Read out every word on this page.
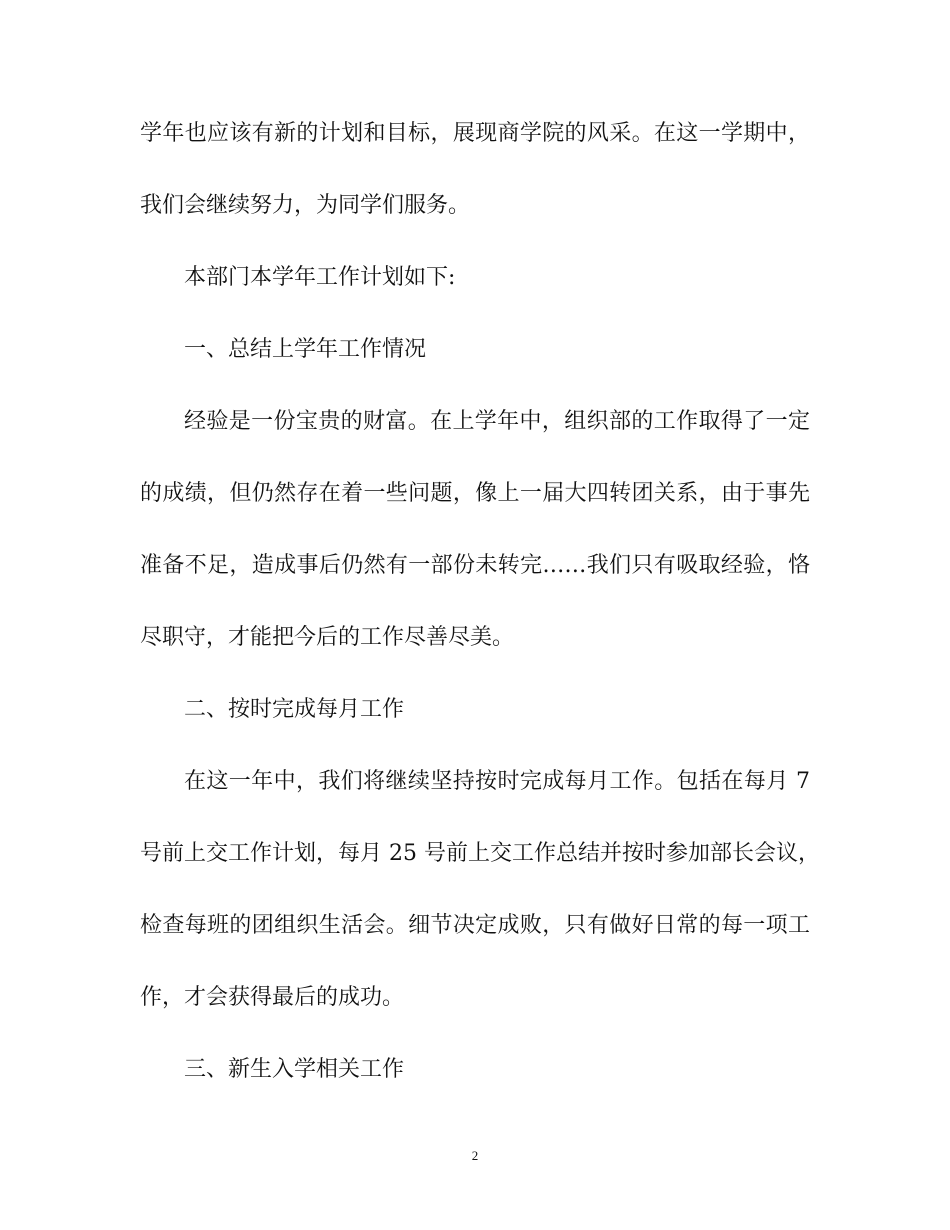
学年也应该有新的计划和目标，展现商学院的风采。在这一学期中，
我们会继续努力，为同学们服务。
本部门本学年工作计划如下:
一、总结上学年工作情况
经验是一份宝贵的财富。在上学年中，组织部的工作取得了一定
的成绩，但仍然存在着一些问题，像上一届大四转团关系，由于事先
准备不足，造成事后仍然有一部份未转完……我们只有吸取经验，恪
尽职守，才能把今后的工作尽善尽美。
二、按时完成每月工作
在这一年中，我们将继续坚持按时完成每月工作。包括在每月 7
号前上交工作计划，每月 25 号前上交工作总结并按时参加部长会议，
检查每班的团组织生活会。细节决定成败，只有做好日常的每一项工
作，才会获得最后的成功。
三、新生入学相关工作
2
